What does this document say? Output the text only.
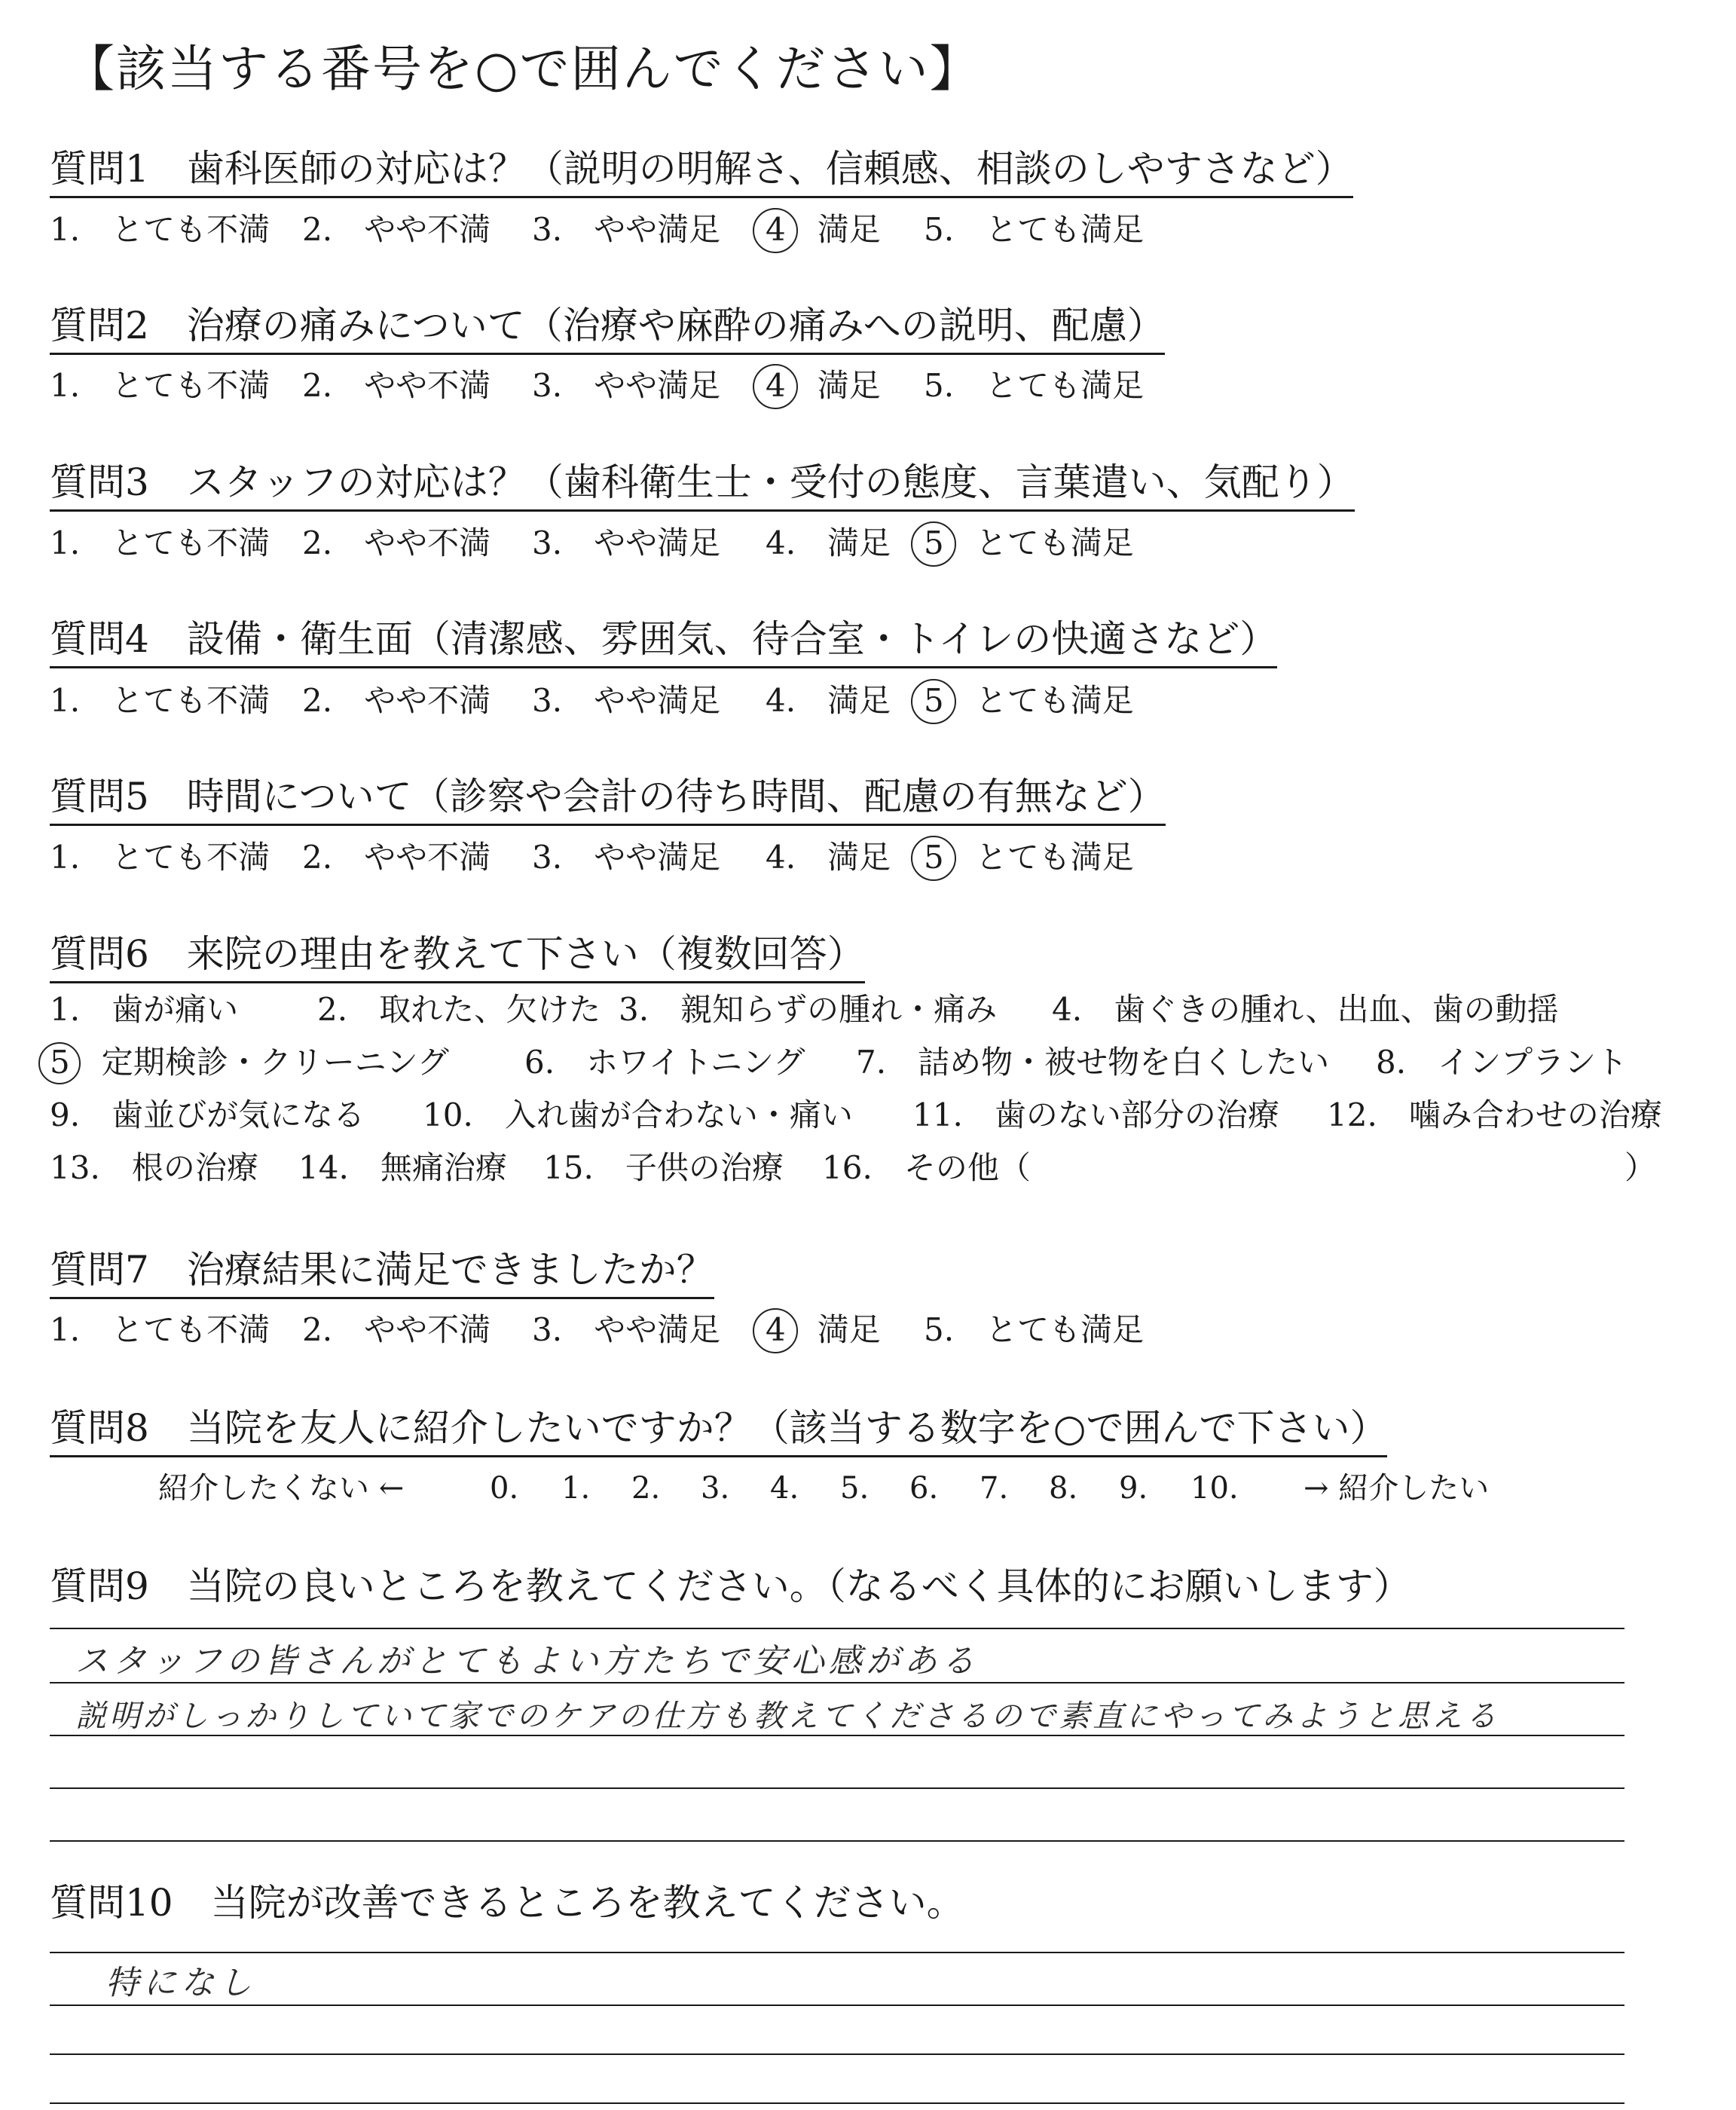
【該当する番号を○で囲んでください】
質問1　歯科医師の対応は？（説明の明解さ、信頼感、相談のしやすさなど）
1.　 とても不満 2.　 やや不満 3.　 やや満足 4　 満足 5.　 とても満足
質問2　治療の痛みについて（治療や麻酔の痛みへの説明、配慮）
1.　 とても不満 2.　 やや不満 3.　 やや満足 4　 満足 5.　 とても満足
質問3　スタッフの対応は？（歯科衛生士・受付の態度、言葉遣い、気配り）
1.　 とても不満 2.　 やや不満 3.　 やや満足 4.　 満足 5　 とても満足
質問4　設備・衛生面（清潔感、雰囲気、待合室・トイレの快適さなど）
1.　 とても不満 2.　 やや不満 3.　 やや満足 4.　 満足 5　 とても満足
質問5　時間について（診察や会計の待ち時間、配慮の有無など）
1.　 とても不満 2.　 やや不満 3.　 やや満足 4.　 満足 5　 とても満足
質問6　来院の理由を教えて下さい（複数回答）
1.　 歯が痛い 2.　 取れた、欠けた 3.　 親知らずの腫れ・痛み 4.　 歯ぐきの腫れ、出血、歯の動揺
5　 定期検診・クリーニング 6.　 ホワイトニング 7.　 詰め物・被せ物を白くしたい 8.　 インプラント
9.　 歯並びが気になる 10.　 入れ歯が合わない・痛い 11.　 歯のない部分の治療 12.　 噛み合わせの治療
13.　 根の治療 14.　 無痛治療 15.　 子供の治療 16.　 その他（	）
質問7　治療結果に満足できましたか？
1.　 とても不満 2.　 やや不満 3.　 やや満足 4　 満足 5.　 とても満足
質問8　当院を友人に紹介したいですか？（該当する数字を○で囲んで下さい）
紹介したくない ←	0. 1. 2. 3. 4. 5. 6. 7. 8. 9. 10. → 紹介したい
質問9　当院の良いところを教えてください。（なるべく具体的にお願いします）
スタッフの皆さんがとてもよい方たちで安心感がある
説明がしっかりしていて家でのケアの仕方も教えてくださるので素直にやってみようと思える
質問10　当院が改善できるところを教えてください。
特になし
